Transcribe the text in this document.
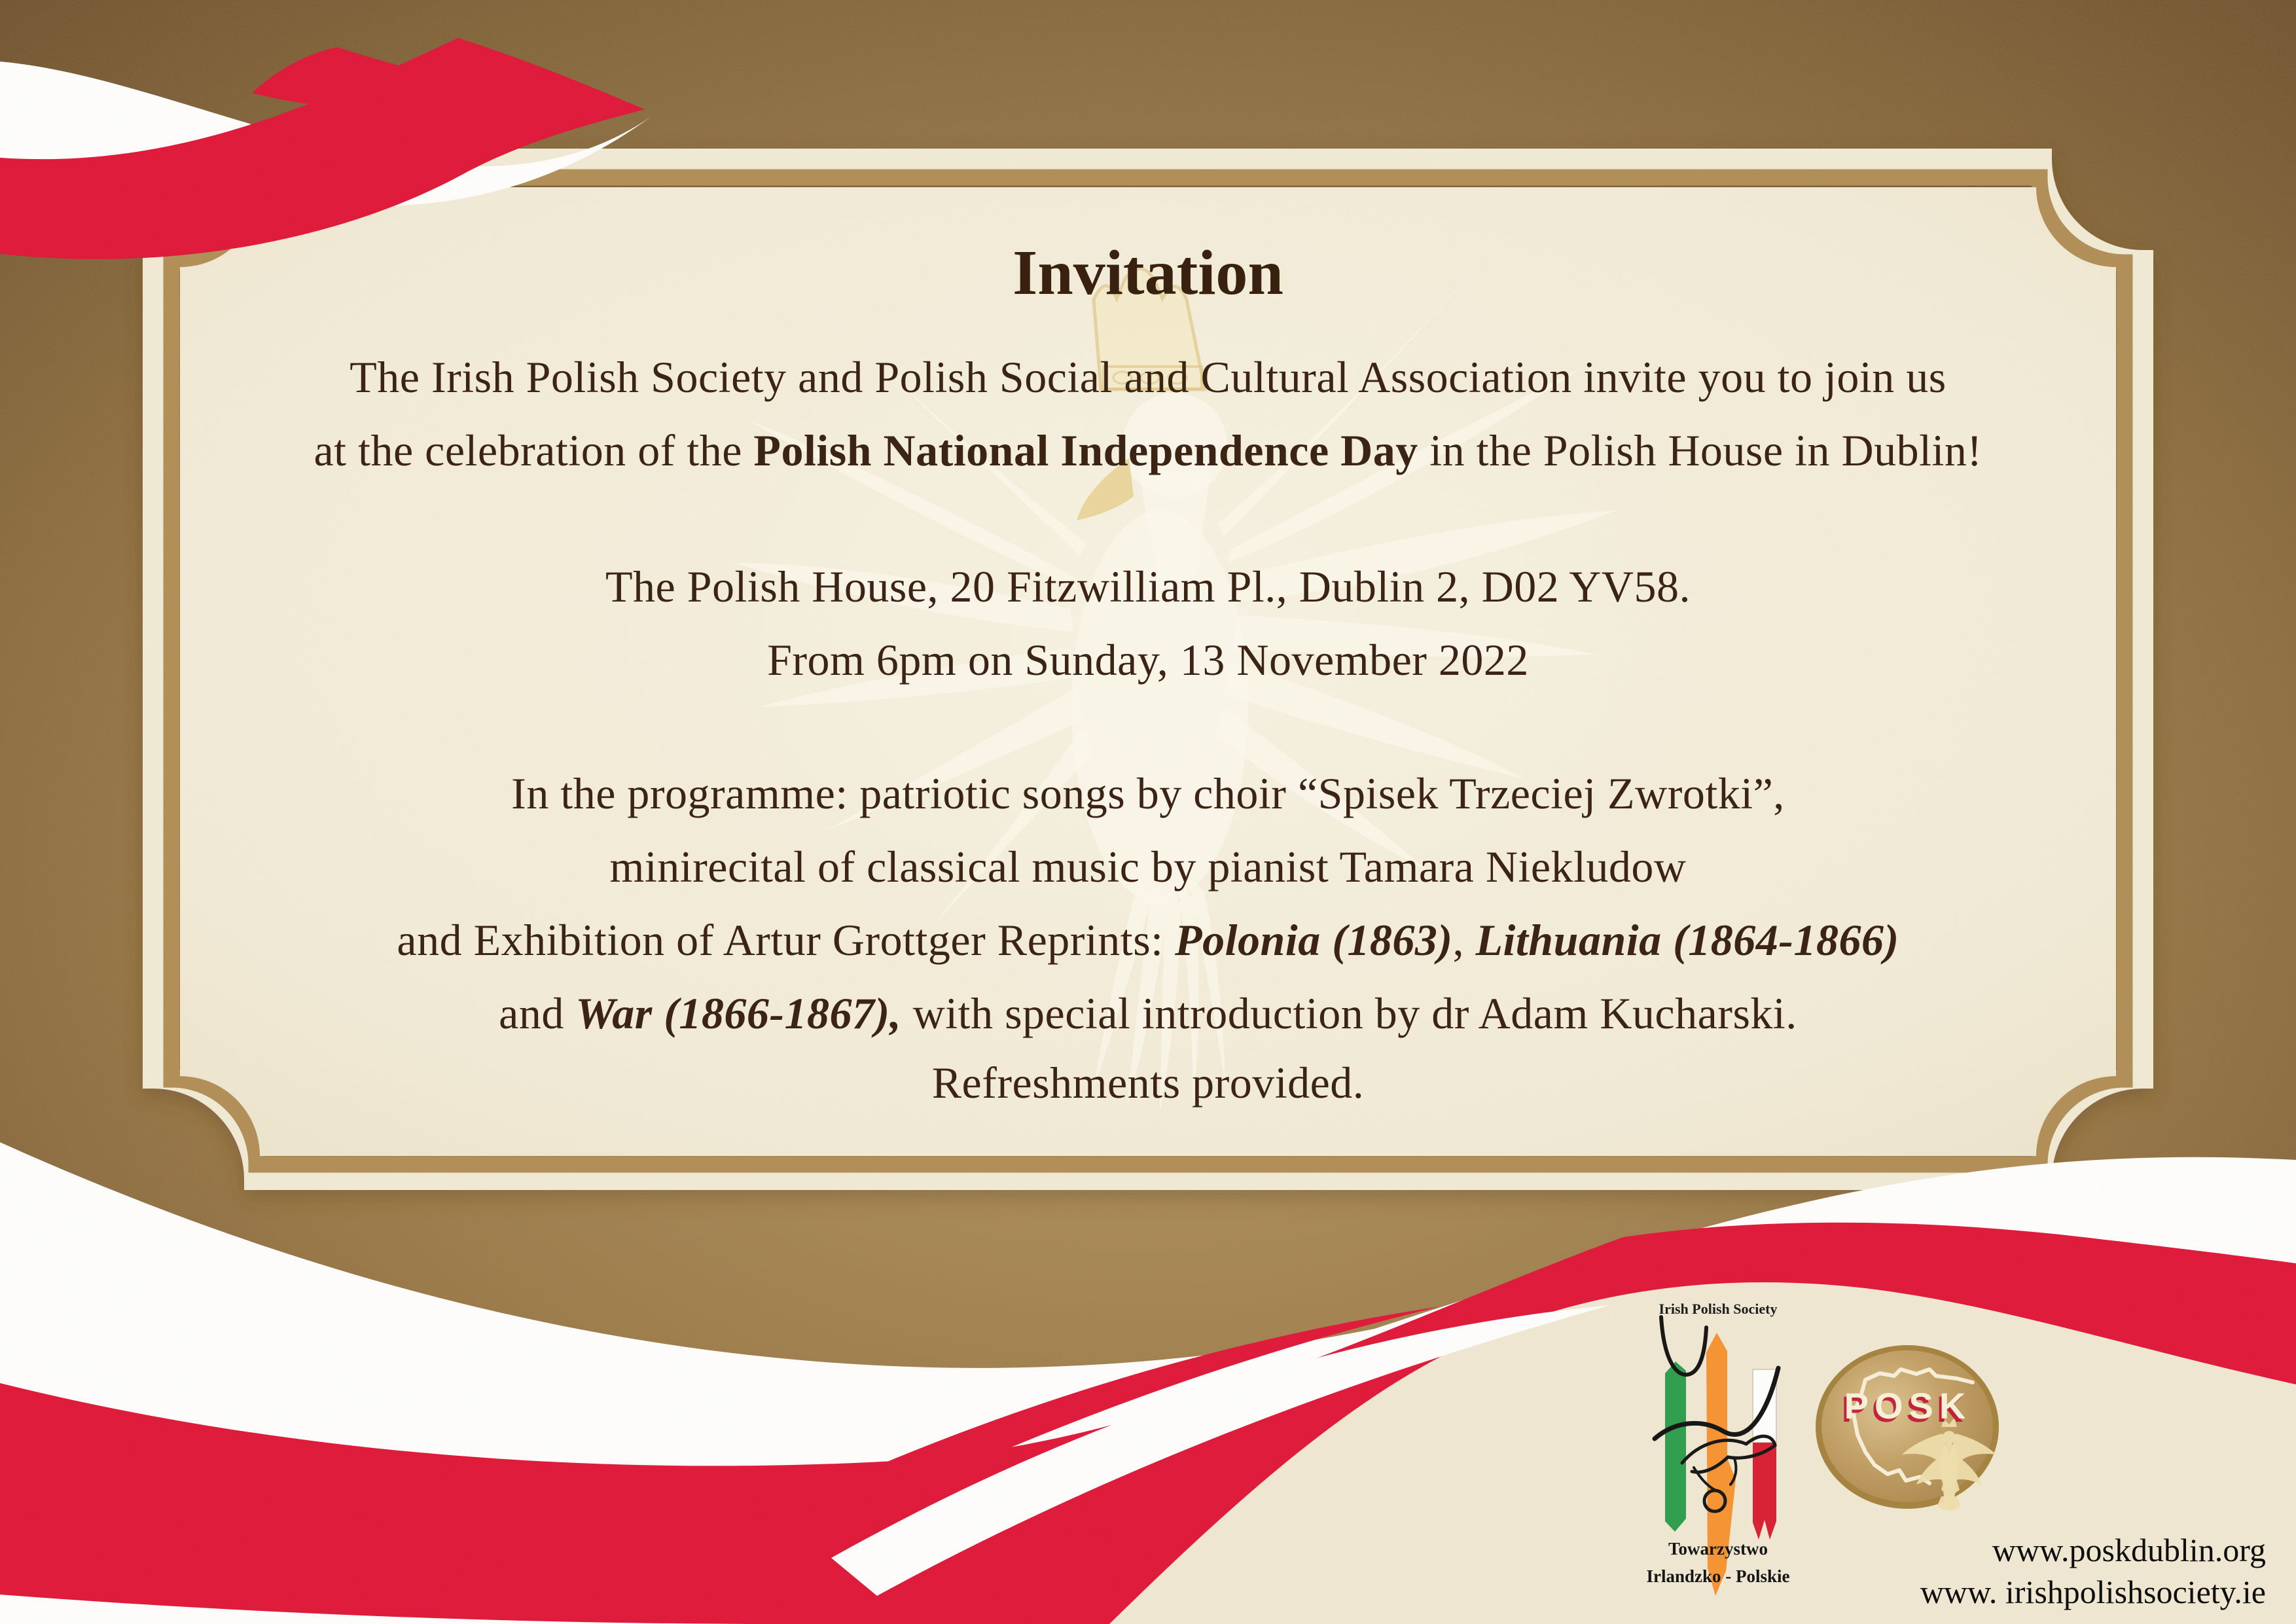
Invitation
The Irish Polish Society and Polish Social and Cultural Association invite you to join us
at the celebration of the Polish National Independence Day in the Polish House in Dublin!
The Polish House, 20 Fitzwilliam Pl., Dublin 2, D02 YV58.
From 6pm on Sunday, 13 November 2022
In the programme: patriotic songs by choir “Spisek Trzeciej Zwrotki”,
minirecital of classical music by pianist Tamara Niekludow
and Exhibition of Artur Grottger Reprints: Polonia (1863), Lithuania (1864-1866)
and War (1866-1867), with special introduction by dr Adam Kucharski.
Refreshments provided.
Irish Polish Society
Towarzystwo
Irlandzko - Polskie
POSK
www.poskdublin.org
www. irishpolishsociety.ie
